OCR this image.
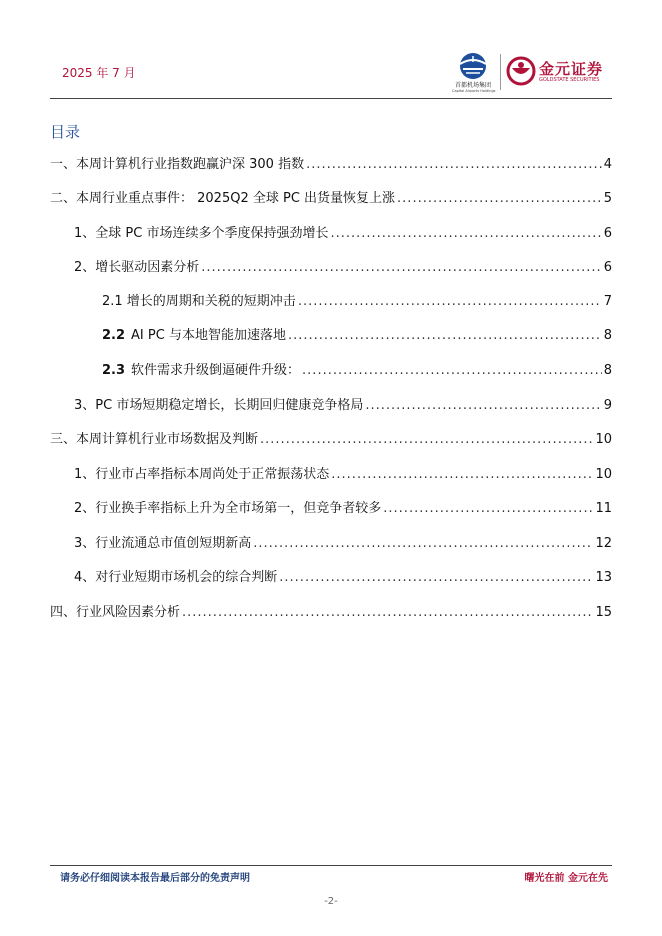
2025 年 7 月
首都机场集团
Capital Airports Holdings
金元证券
GOLDSTATE SECURITIES
目录
一、本周计算机行业指数跑赢沪深 300 指数 .....	4
二、本周行业重点事件： 2025Q2 全球 PC 出货量恢复上涨 .....	5
1、全球 PC 市场连续多个季度保持强劲增长 .....	6
2、增长驱动因素分析 .....	6
2.1 增长的周期和关税的短期冲击 .....	7
2.2 AI PC 与本地智能加速落地 .....	8
2.3 软件需求升级倒逼硬件升级： .....	8
3、PC 市场短期稳定增长，长期回归健康竞争格局 .....	9
三、本周计算机行业市场数据及判断 .....	10
1、行业市占率指标本周尚处于正常振荡状态 .....	10
2、行业换手率指标上升为全市场第一，但竞争者较多 .....	11
3、行业流通总市值创短期新高 .....	12
4、对行业短期市场机会的综合判断 .....	13
四、行业风险因素分析 .....	15
请务必仔细阅读本报告最后部分的免责声明	曙光在前 金元在先
-2-
